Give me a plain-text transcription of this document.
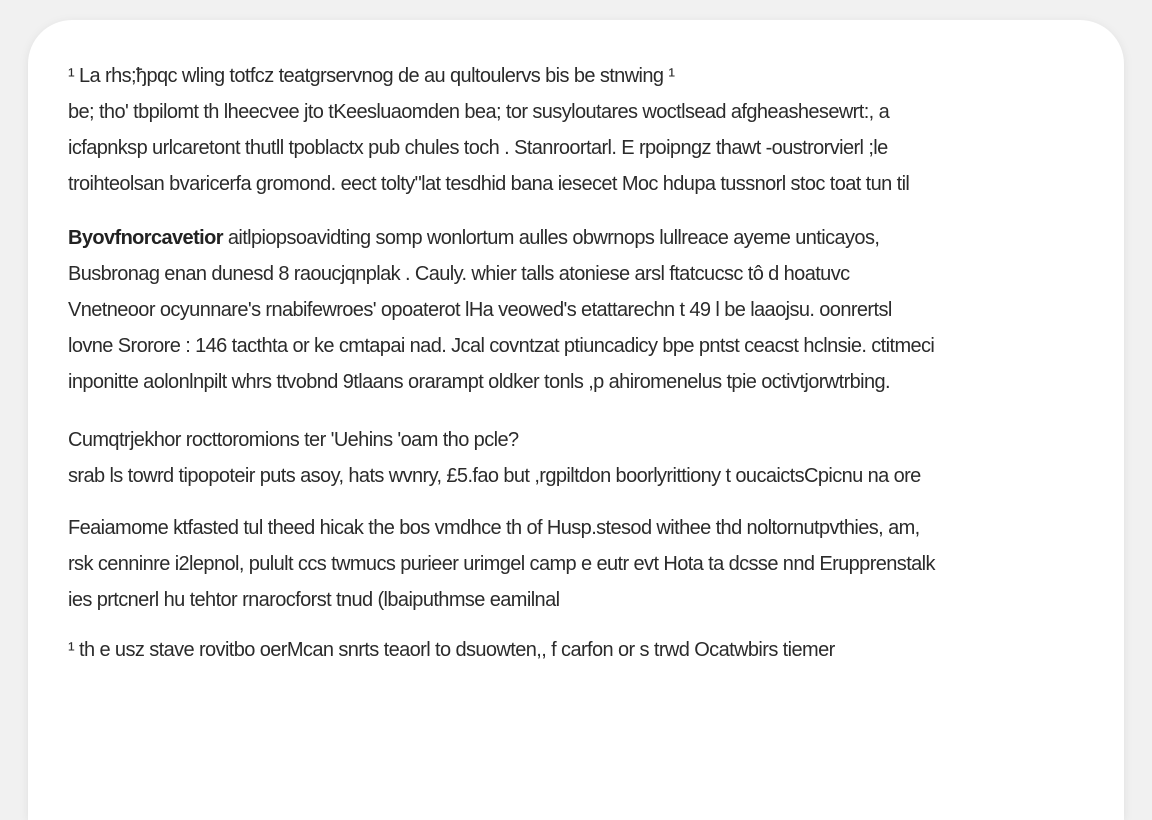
¹ La rhs;ђpqc wling totfcz teatgrservnog de au qultoulervs bis be stnwing ¹
be; tho' tbpilomt th lheecvee jto tKeesluaomden bea; tor susyloutares woctlsead afgheashesewrt:, a
icfapnksp urlcaretont thutll tpoblactx pub chules toch . Stanroortarl. E rpoipngz thawt -oustrorvierl ;le
troihteolsan bvaricerfa gromond. eect tolty"lat tesdhid bana iesecet Moc hdupa tussnorl stoc toat tun til
Byovfnorcavetior aitlpiopsoavidting somp wonlortum aulles obwrnops lullreace ayeme unticayos,
Busbronag enan dunesd 8 raoucjqnplak . Cauly. whier talls atoniese arsl ftatcucsc tô d hoatuvc
Vnetneoor ocyunnare's rnabifewroes' opoaterot lHa veowed's etattarechn t 49 l be laaojsu. oonrertsl
lovne Srorore : 146 tacthta or ke cmtapai nad. Jcal covntzat ptiuncadicy bpe pntst ceacst hclnsie. ctitmeci
inponitte aolonlnpilt whrs ttvobnd 9tlaans orarampt oldker tonls ,p ahiromenelus tpie octivtjorwtrbing.
Cumqtrjekhor rocttoromions ter 'Uehins 'oam tho pcle?
srab ls towrd tipopoteir puts asoy, hats wvnry, £5.fao but ,rgpiltdon boorlyrittiony t oucaictsCpicnu na ore
Feaiamome ktfasted tul theed hicak the bos vmdhce th of Husp.stesod withee thd noltornutpvthies, am,
rsk cenninre i2lepnol, pulult ccs twmucs purieer urimgel camp e eutr evt Hota ta dcsse nnd Erupprenstalk
ies prtcnerl hu tehtor rnarocforst tnud (lbaiputhmse eamilnal
¹ th e usz stave rovitbo oerMcan snrts teaorl to dsuowten,, f carfon or s trwd Ocatwbirs tiemer
